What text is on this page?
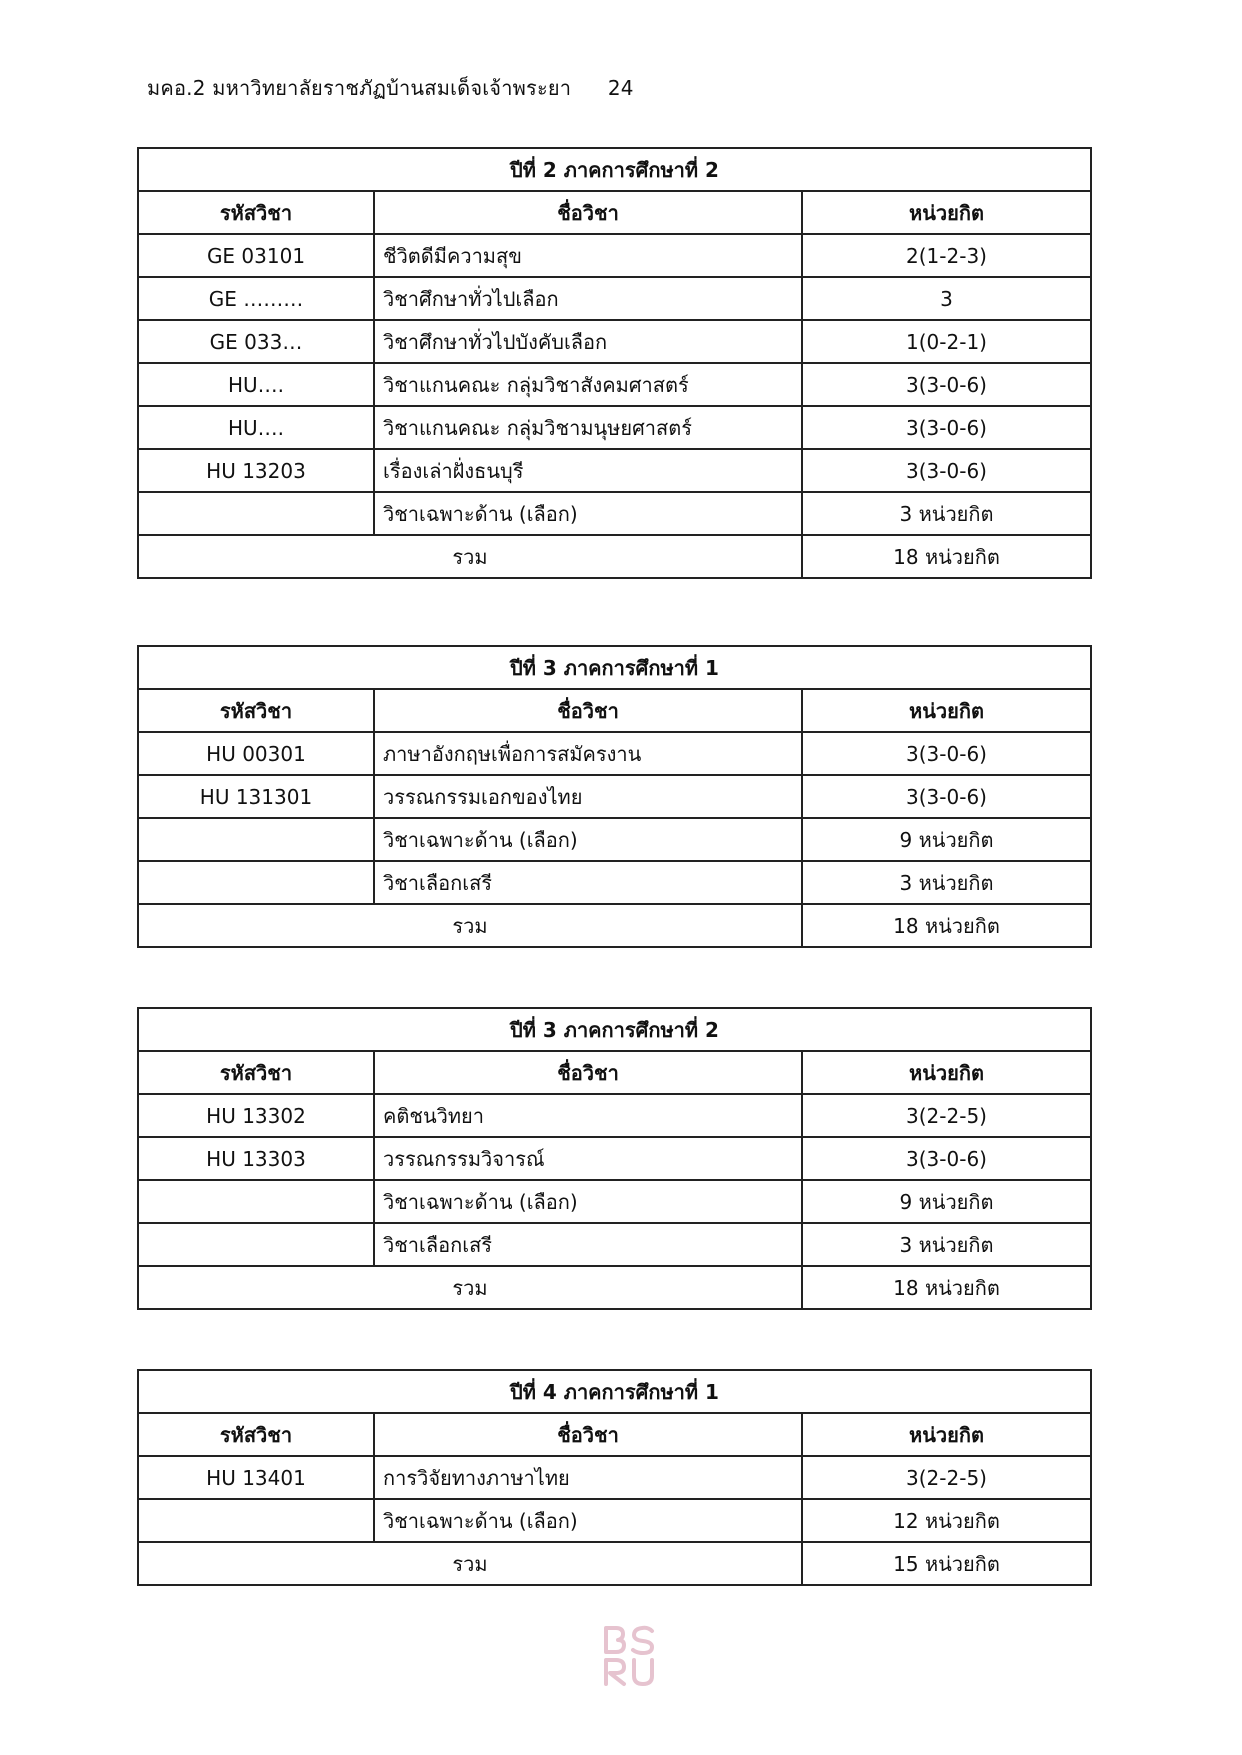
มคอ.2 มหาวิทยาลัยราชภัฏบ้านสมเด็จเจ้าพระยา 24
ปีที่ 2 ภาคการศึกษาที่ 2		
รหัสวิชา	ชื่อวิชา	หน่วยกิต
GE 03101	ชีวิตดีมีความสุข	2(1-2-3)
GE ………	วิชาศึกษาทั่วไปเลือก	3
GE 033…	วิชาศึกษาทั่วไปบังคับเลือก	1(0-2-1)
HU….	วิชาแกนคณะ กลุ่มวิชาสังคมศาสตร์	3(3-0-6)
HU….	วิชาแกนคณะ กลุ่มวิชามนุษยศาสตร์	3(3-0-6)
HU 13203	เรื่องเล่าฝั่งธนบุรี	3(3-0-6)
	วิชาเฉพาะด้าน (เลือก)	3 หน่วยกิต
รวม		18 หน่วยกิต
ปีที่ 3 ภาคการศึกษาที่ 1		
รหัสวิชา	ชื่อวิชา	หน่วยกิต
HU 00301	ภาษาอังกฤษเพื่อการสมัครงาน	3(3-0-6)
HU 131301	วรรณกรรมเอกของไทย	3(3-0-6)
	วิชาเฉพาะด้าน (เลือก)	9 หน่วยกิต
	วิชาเลือกเสรี	3 หน่วยกิต
รวม		18 หน่วยกิต
ปีที่ 3 ภาคการศึกษาที่ 2		
รหัสวิชา	ชื่อวิชา	หน่วยกิต
HU 13302	คติชนวิทยา	3(2-2-5)
HU 13303	วรรณกรรมวิจารณ์	3(3-0-6)
	วิชาเฉพาะด้าน (เลือก)	9 หน่วยกิต
	วิชาเลือกเสรี	3 หน่วยกิต
รวม		18 หน่วยกิต
ปีที่ 4 ภาคการศึกษาที่ 1		
รหัสวิชา	ชื่อวิชา	หน่วยกิต
HU 13401	การวิจัยทางภาษาไทย	3(2-2-5)
	วิชาเฉพาะด้าน (เลือก)	12 หน่วยกิต
รวม		15 หน่วยกิต
